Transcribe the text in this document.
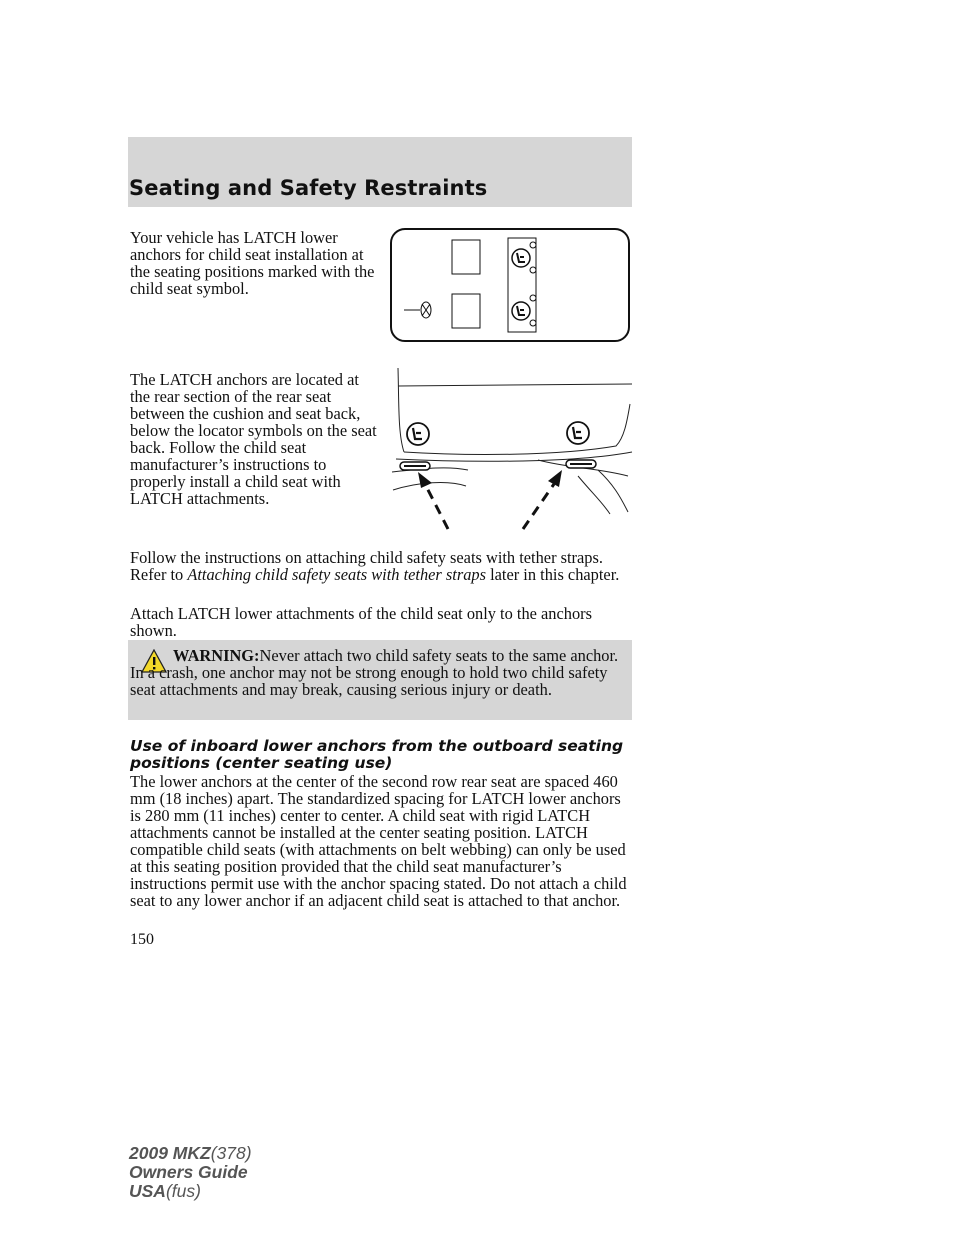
Seating and Safety Restraints

Your vehicle has LATCH lower anchors for child seat installation at the seating positions marked with the child seat symbol.

The LATCH anchors are located at the rear section of the rear seat between the cushion and seat back, below the locator symbols on the seat back. Follow the child seat manufacturer’s instructions to properly install a child seat with LATCH attachments.

Follow the instructions on attaching child safety seats with tether straps. Refer to Attaching child safety seats with tether straps later in this chapter.

Attach LATCH lower attachments of the child seat only to the anchors shown.

WARNING:Never attach two child safety seats to the same anchor. In a crash, one anchor may not be strong enough to hold two child safety seat attachments and may break, causing serious injury or death.

Use of inboard lower anchors from the outboard seating positions (center seating use)

The lower anchors at the center of the second row rear seat are spaced 460 mm (18 inches) apart. The standardized spacing for LATCH lower anchors is 280 mm (11 inches) center to center. A child seat with rigid LATCH attachments cannot be installed at the center seating position. LATCH compatible child seats (with attachments on belt webbing) can only be used at this seating position provided that the child seat manufacturer’s instructions permit use with the anchor spacing stated. Do not attach a child seat to any lower anchor if an adjacent child seat is attached to that anchor.

150
2009 MKZ(378)
Owners Guide
USA(fus)
